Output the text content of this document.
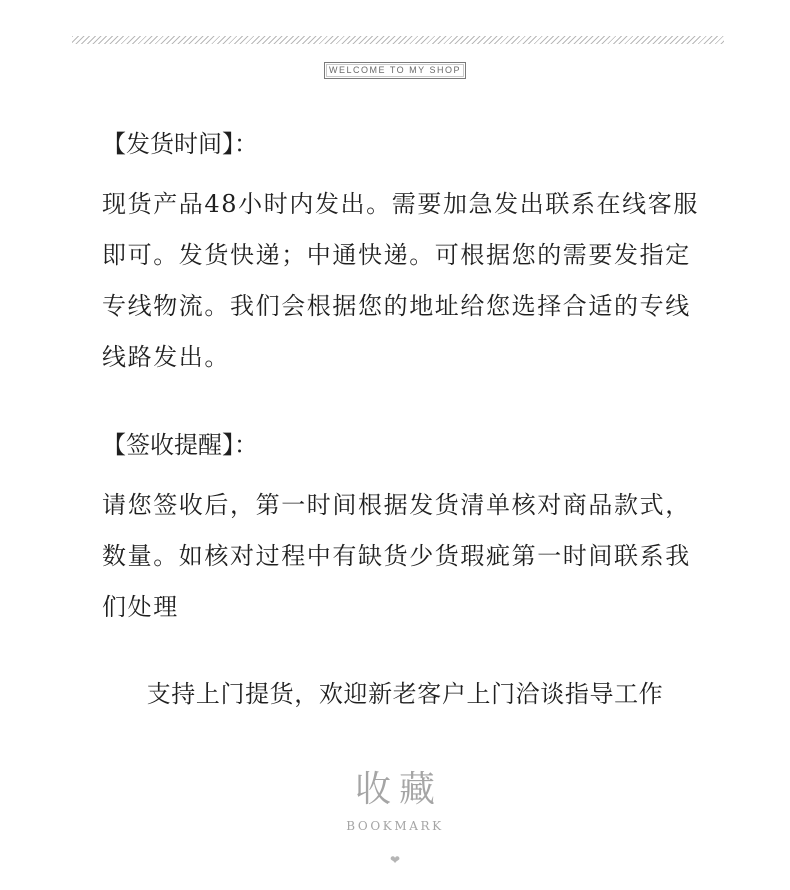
WELCOME TO MY SHOP

【发货时间】：

现货产品48小时内发出。需要加急发出联系在线客服即可。发货快递；中通快递。可根据您的需要发指定专线物流。我们会根据您的地址给您选择合适的专线线路发出。

【签收提醒】：

请您签收后，第一时间根据发货清单核对商品款式，数量。如核对过程中有缺货少货瑕疵第一时间联系我们处理

支持上门提货，欢迎新老客户上门洽谈指导工作
收藏
BOOKMARK
❤
